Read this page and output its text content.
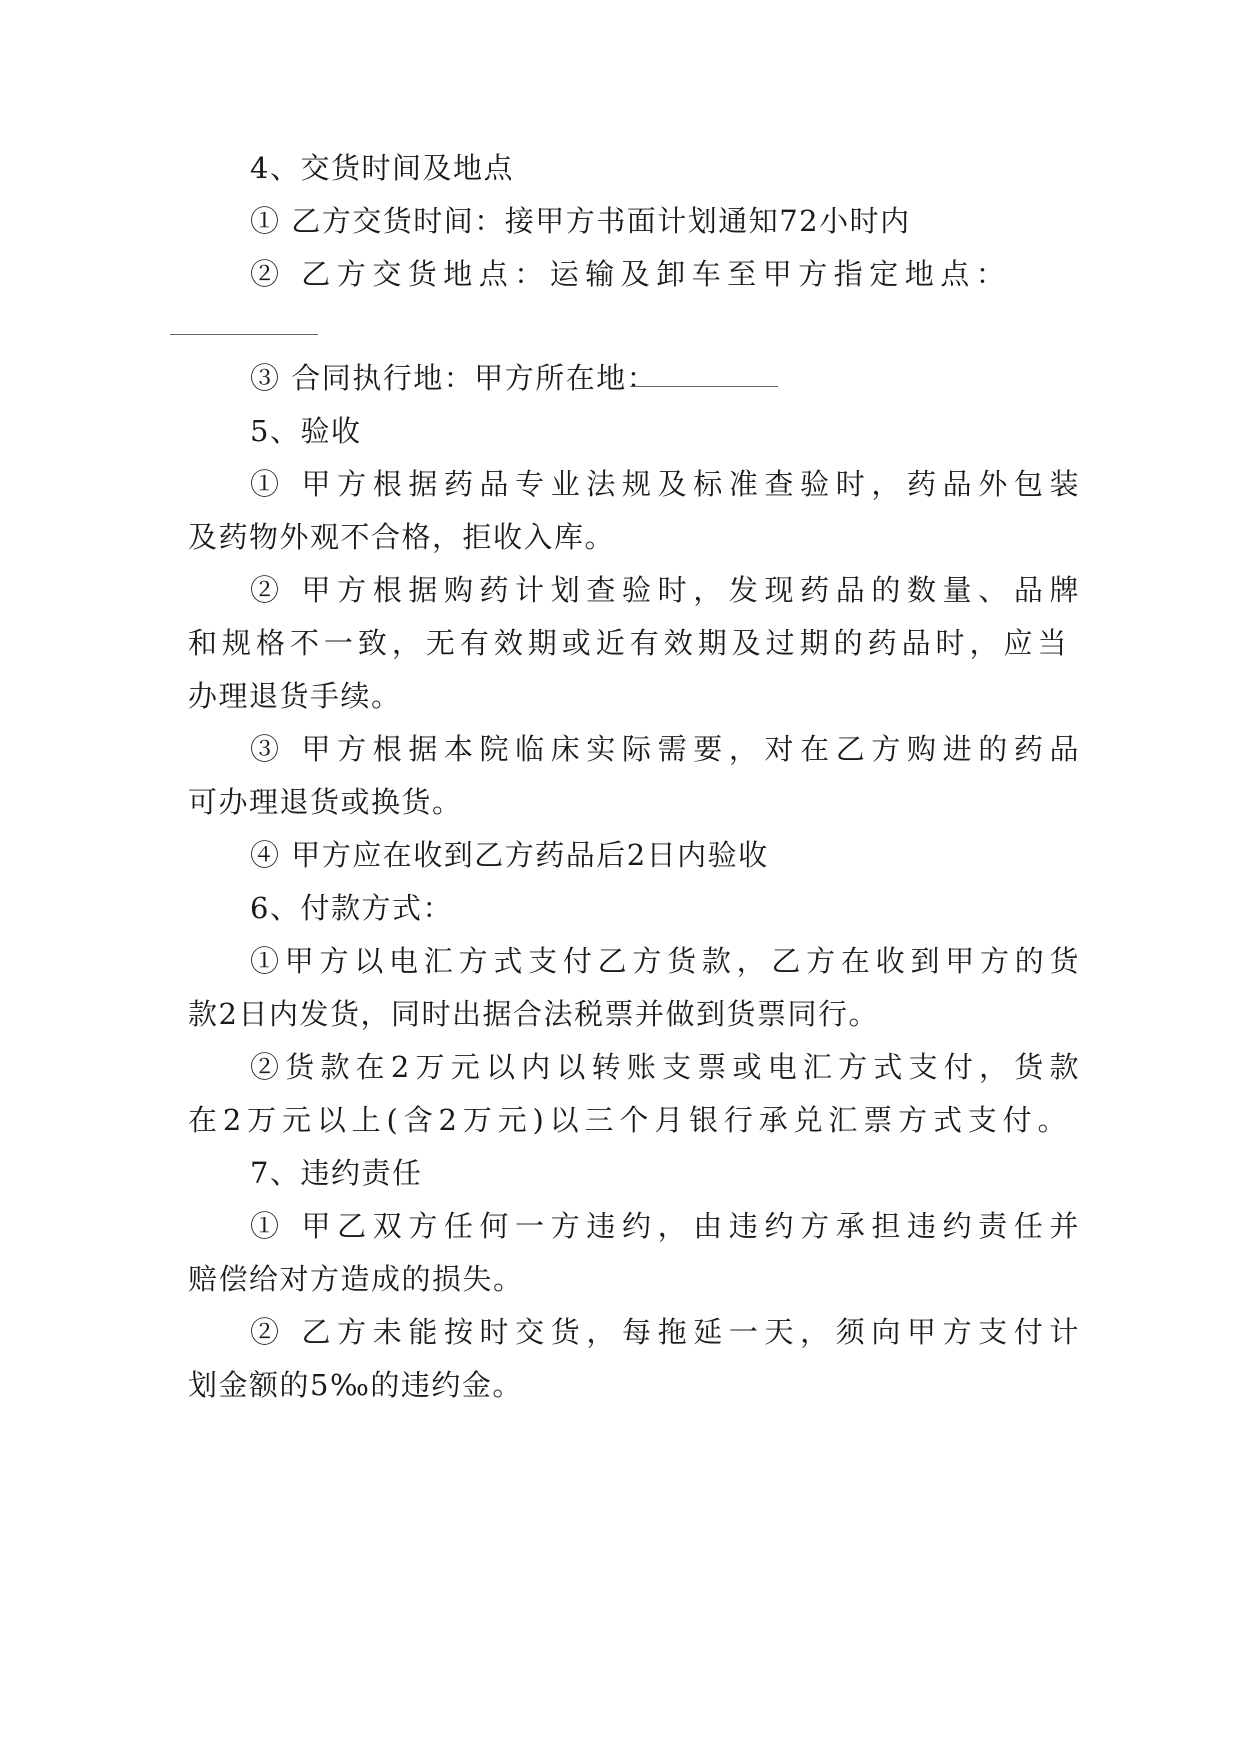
4、交货时间及地点
① 乙方交货时间：接甲方书面计划通知72小时内
② 乙方交货地点：运输及卸车至甲方指定地点：
③ 合同执行地：甲方所在地：
5、验收
① 甲方根据药品专业法规及标准查验时，药品外包装
及药物外观不合格，拒收入库。
② 甲方根据购药计划查验时，发现药品的数量、品牌
和规格不一致，无有效期或近有效期及过期的药品时，应当
办理退货手续。
③ 甲方根据本院临床实际需要，对在乙方购进的药品
可办理退货或换货。
④ 甲方应在收到乙方药品后2日内验收
6、付款方式：
①甲方以电汇方式支付乙方货款，乙方在收到甲方的货
款2日内发货，同时出据合法税票并做到货票同行。
②货款在2万元以内以转账支票或电汇方式支付，货款
在2万元以上(含2万元)以三个月银行承兑汇票方式支付。
7、违约责任
① 甲乙双方任何一方违约，由违约方承担违约责任并
赔偿给对方造成的损失。
② 乙方未能按时交货，每拖延一天，须向甲方支付计
划金额的5‰的违约金。
